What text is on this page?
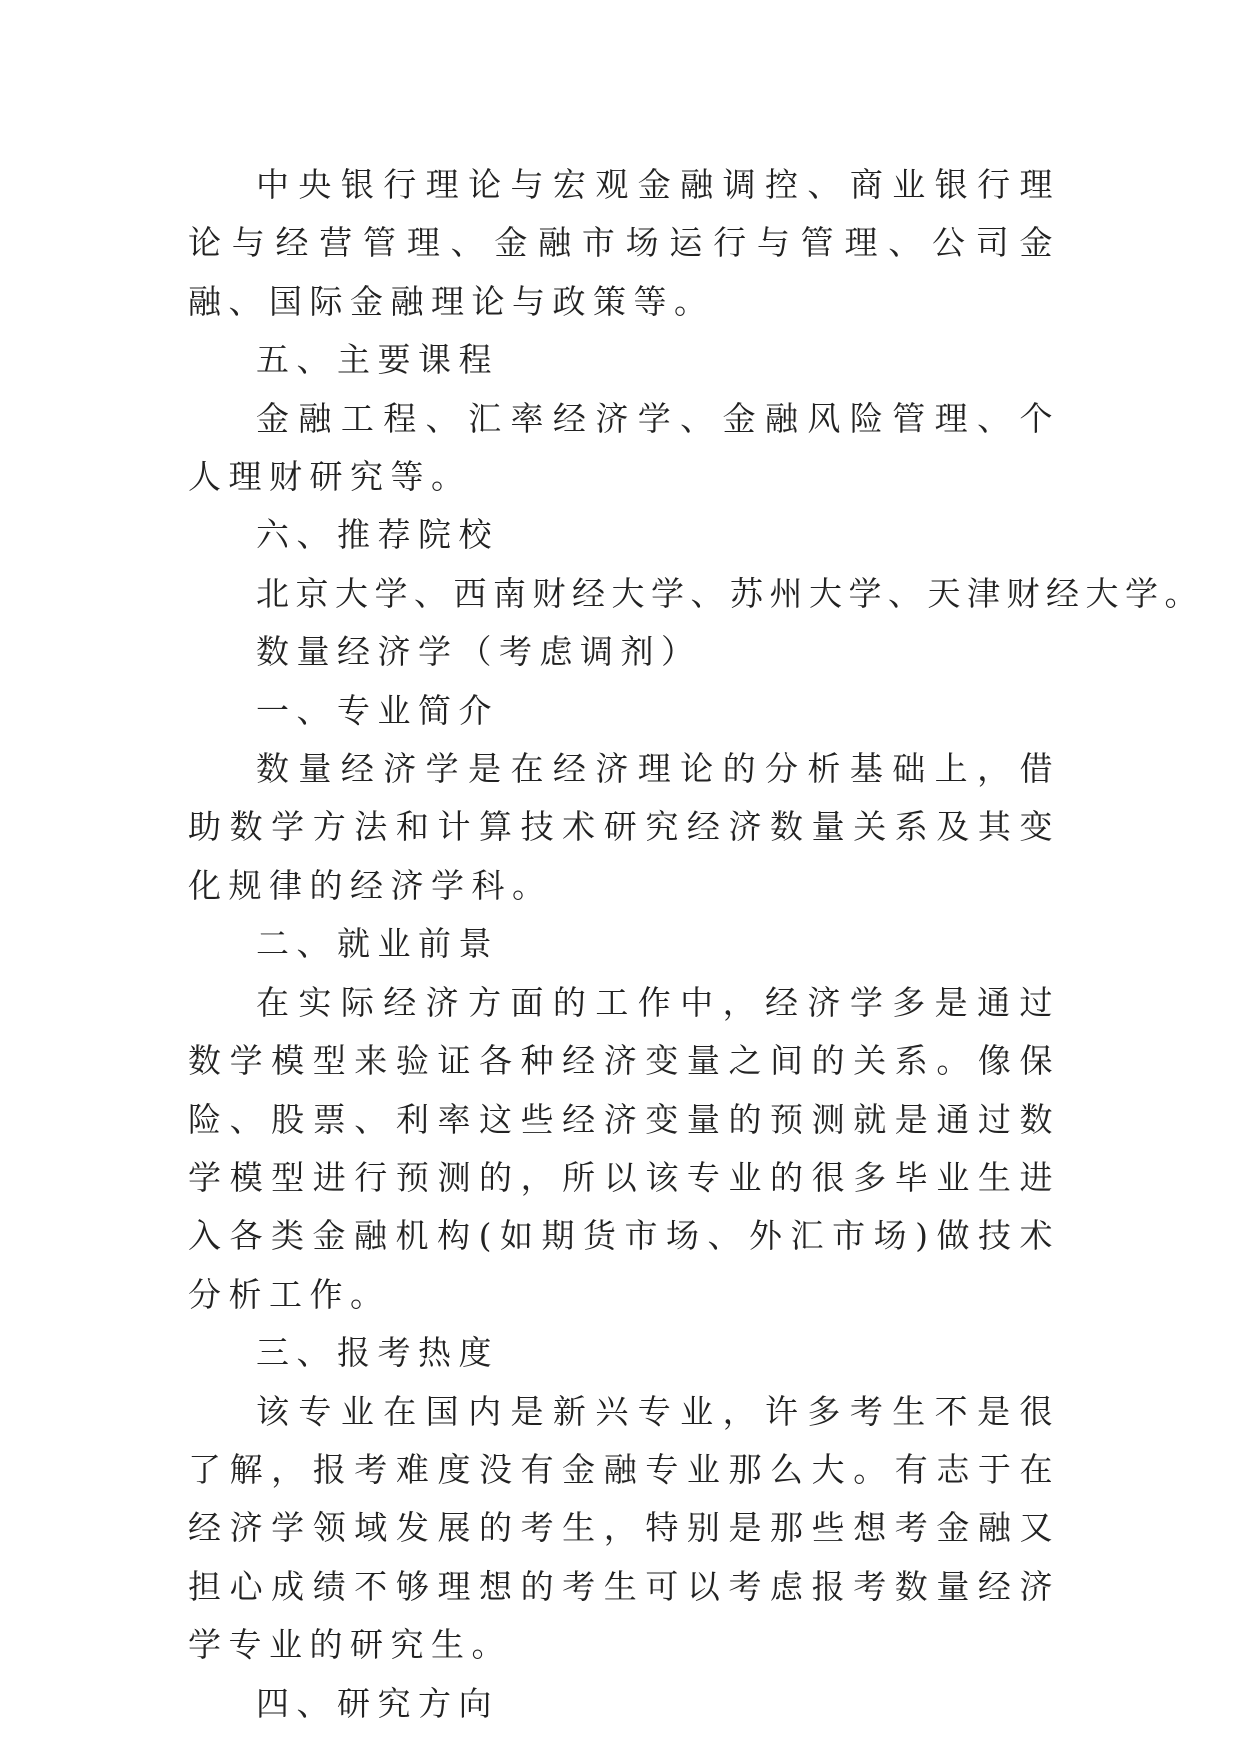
中央银行理论与宏观金融调控、商业银行理论与经营管理、金融市场运行与管理、公司金融、国际金融理论与政策等。

五、主要课程

金融工程、汇率经济学、金融风险管理、个人理财研究等。

六、推荐院校

北京大学、西南财经大学、苏州大学、天津财经大学。

数量经济学（考虑调剂）

一、专业简介

数量经济学是在经济理论的分析基础上，借助数学方法和计算技术研究经济数量关系及其变化规律的经济学科。

二、就业前景

在实际经济方面的工作中，经济学多是通过数学模型来验证各种经济变量之间的关系。像保险、股票、利率这些经济变量的预测就是通过数学模型进行预测的，所以该专业的很多毕业生进入各类金融机构(如期货市场、外汇市场)做技术分析工作。

三、报考热度

该专业在国内是新兴专业，许多考生不是很了解，报考难度没有金融专业那么大。有志于在经济学领域发展的考生，特别是那些想考金融又担心成绩不够理想的考生可以考虑报考数量经济学专业的研究生。

四、研究方向
